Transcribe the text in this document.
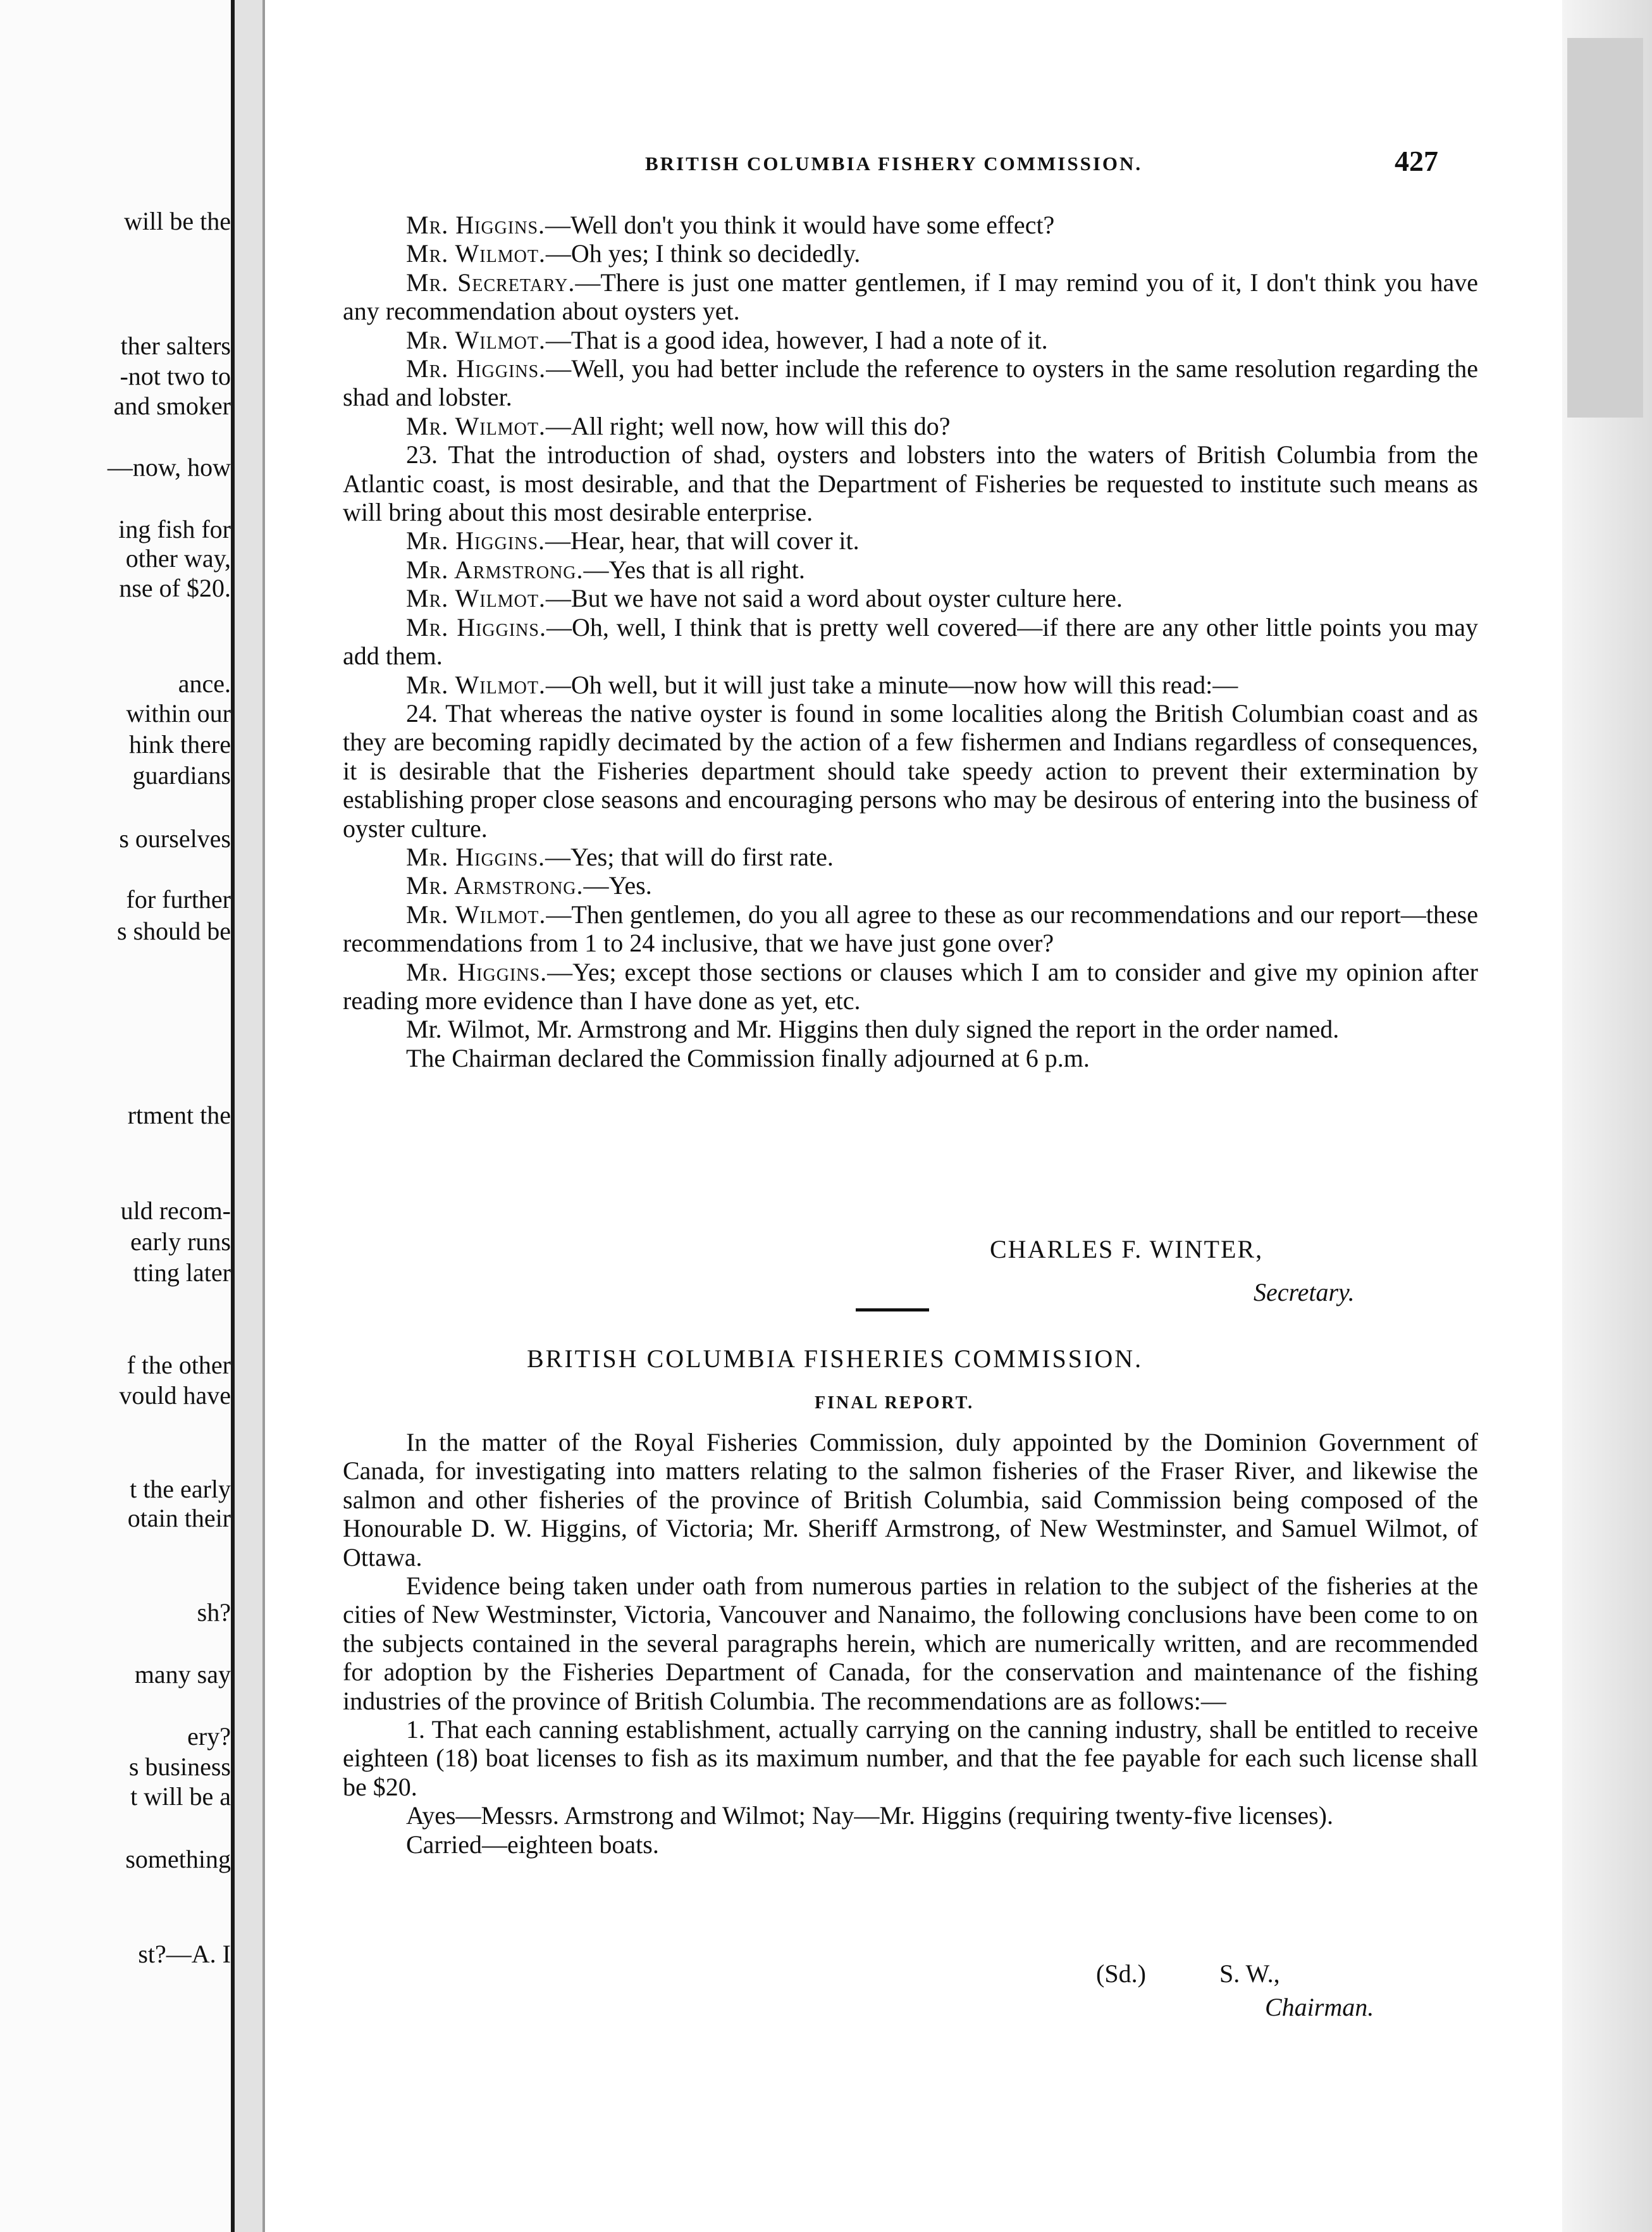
will be the
ther salters
-not two to
and smoker
—now, how
ing fish for
other way,
nse of $20.
ance.
within our
hink there
guardians
s ourselves
for further
s should be
rtment the
uld recom-
early runs
tting later
f the other
vould have
t the early
otain their
sh?
many say
ery?
s business
t will be a
something
st?—A. I
BRITISH COLUMBIA FISHERY COMMISSION.	427

Mr. Higgins.—Well don't you think it would have some effect?

Mr. Wilmot.—Oh yes; I think so decidedly.

Mr. Secretary.—There is just one matter gentlemen, if I may remind you of it, I don't think you have any recommendation about oysters yet.

Mr. Wilmot.—That is a good idea, however, I had a note of it.

Mr. Higgins.—Well, you had better include the reference to oysters in the same resolution regarding the shad and lobster.

Mr. Wilmot.—All right; well now, how will this do?

23. That the introduction of shad, oysters and lobsters into the waters of British Columbia from the Atlantic coast, is most desirable, and that the Department of Fisheries be requested to institute such means as will bring about this most desirable enterprise.

Mr. Higgins.—Hear, hear, that will cover it.

Mr. Armstrong.—Yes that is all right.

Mr. Wilmot.—But we have not said a word about oyster culture here.

Mr. Higgins.—Oh, well, I think that is pretty well covered—if there are any other little points you may add them.

Mr. Wilmot.—Oh well, but it will just take a minute—now how will this read:—

24. That whereas the native oyster is found in some localities along the British Columbian coast and as they are becoming rapidly decimated by the action of a few fishermen and Indians regardless of consequences, it is desirable that the Fisheries department should take speedy action to prevent their extermination by establishing proper close seasons and encouraging persons who may be desirous of entering into the business of oyster culture.

Mr. Higgins.—Yes; that will do first rate.

Mr. Armstrong.—Yes.

Mr. Wilmot.—Then gentlemen, do you all agree to these as our recommendations and our report—these recommendations from 1 to 24 inclusive, that we have just gone over?

Mr. Higgins.—Yes; except those sections or clauses which I am to consider and give my opinion after reading more evidence than I have done as yet, etc.

Mr. Wilmot, Mr. Armstrong and Mr. Higgins then duly signed the report in the order named.

The Chairman declared the Commission finally adjourned at 6 p.m.

CHARLES F. WINTER,
Secretary.
BRITISH COLUMBIA FISHERIES COMMISSION.
FINAL REPORT.

In the matter of the Royal Fisheries Commission, duly appointed by the Dominion Government of Canada, for investigating into matters relating to the salmon fisheries of the Fraser River, and likewise the salmon and other fisheries of the province of British Columbia, said Commission being composed of the Honourable D. W. Higgins, of Victoria; Mr. Sheriff Armstrong, of New Westminster, and Samuel Wilmot, of Ottawa.

Evidence being taken under oath from numerous parties in relation to the subject of the fisheries at the cities of New Westminster, Victoria, Vancouver and Nanaimo, the following conclusions have been come to on the subjects contained in the several paragraphs herein, which are numerically written, and are recommended for adoption by the Fisheries Department of Canada, for the conservation and maintenance of the fishing industries of the province of British Columbia. The recommendations are as follows:—

1. That each canning establishment, actually carrying on the canning industry, shall be entitled to receive eighteen (18) boat licenses to fish as its maximum number, and that the fee payable for each such license shall be $20.

Ayes—Messrs. Armstrong and Wilmot; Nay—Mr. Higgins (requiring twenty-five licenses).

Carried—eighteen boats.

(Sd.)	S. W.,
Chairman.
